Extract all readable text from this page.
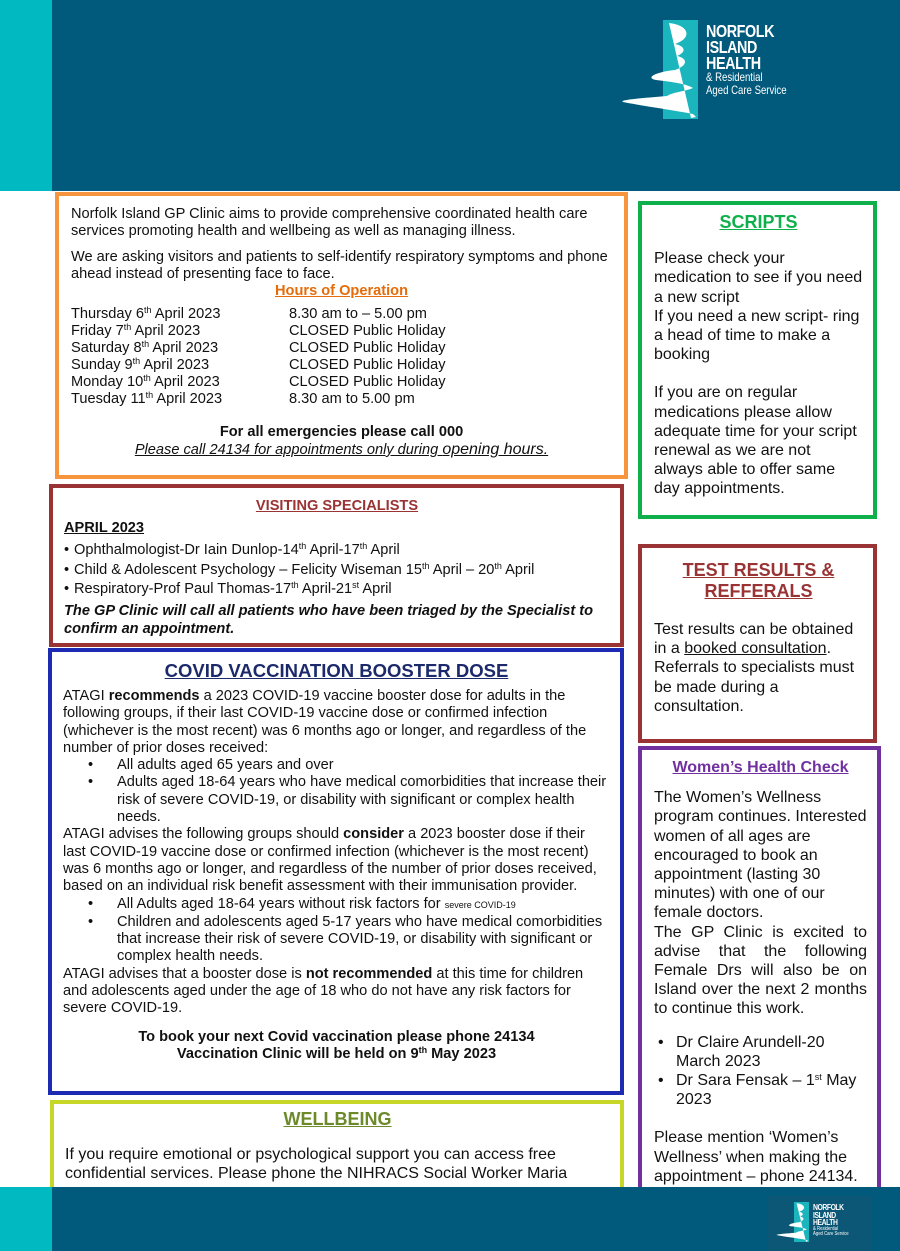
NORFOLK
ISLAND
HEALTH
& Residential
Aged Care Service

Norfolk Island GP Clinic aims to provide comprehensive coordinated health care services promoting health and wellbeing as well as managing illness.

We are asking visitors and patients to self-identify respiratory symptoms and phone ahead instead of presenting face to face.

Hours of Operation
Thursday 6th April 2023	8.30 am to – 5.00 pm
Friday 7th April 2023	CLOSED Public Holiday
Saturday 8th April 2023	CLOSED Public Holiday
Sunday 9th April 2023	CLOSED Public Holiday
Monday 10th April 2023	CLOSED Public Holiday
Tuesday 11th April 2023	8.30 am to 5.00 pm
For all emergencies please call 000
Please call 24134 for appointments only during opening hours.
VISITING SPECIALISTS
APRIL 2023
• Ophthalmologist-Dr Iain Dunlop-14th April-17th April
• Child & Adolescent Psychology – Felicity Wiseman 15th April – 20th April
• Respiratory-Prof Paul Thomas-17th April-21st April
The GP Clinic will call all patients who have been triaged by the Specialist to confirm an appointment.
COVID VACCINATION BOOSTER DOSE
ATAGI recommends a 2023 COVID-19 vaccine booster dose for adults in the following groups, if their last COVID-19 vaccine dose or confirmed infection (whichever is the most recent) was 6 months ago or longer, and regardless of the number of prior doses received:
•	All adults aged 65 years and over
•	Adults aged 18-64 years who have medical comorbidities that increase their risk of severe COVID-19, or disability with significant or complex health needs.
ATAGI advises the following groups should consider a 2023 booster dose if their last COVID-19 vaccine dose or confirmed infection (whichever is the most recent) was 6 months ago or longer, and regardless of the number of prior doses received, based on an individual risk benefit assessment with their immunisation provider.
•	All Adults aged 18-64 years without risk factors for severe COVID-19
•	Children and adolescents aged 5-17 years who have medical comorbidities that increase their risk of severe COVID-19, or disability with significant or complex health needs.
ATAGI advises that a booster dose is not recommended at this time for children and adolescents aged under the age of 18 who do not have any risk factors for severe COVID-19.
To book your next Covid vaccination please phone 24134
Vaccination Clinic will be held on 9th May 2023
WELLBEING
If you require emotional or psychological support you can access free confidential services. Please phone the NIHRACS Social Worker Maria
SCRIPTS
Please check your medication to see if you need a new script
If you need a new script- ring a head of time to make a booking
If you are on regular medications please allow adequate time for your script renewal as we are not always able to offer same day appointments.
TEST RESULTS & REFFERALS
Test results can be obtained in a booked consultation. Referrals to specialists must be made during a consultation.
Women’s Health Check
The Women’s Wellness program continues. Interested women of all ages are encouraged to book an appointment (lasting 30 minutes) with one of our female doctors.
The GP Clinic is excited to advise that the following Female Drs will also be on Island over the next 2 months to continue this work.
• Dr Claire Arundell-20 March 2023
• Dr Sara Fensak – 1st May 2023
Please mention ‘Women’s Wellness’ when making the appointment – phone 24134.
NORFOLK
ISLAND
HEALTH
& Residential
Aged Care Service
